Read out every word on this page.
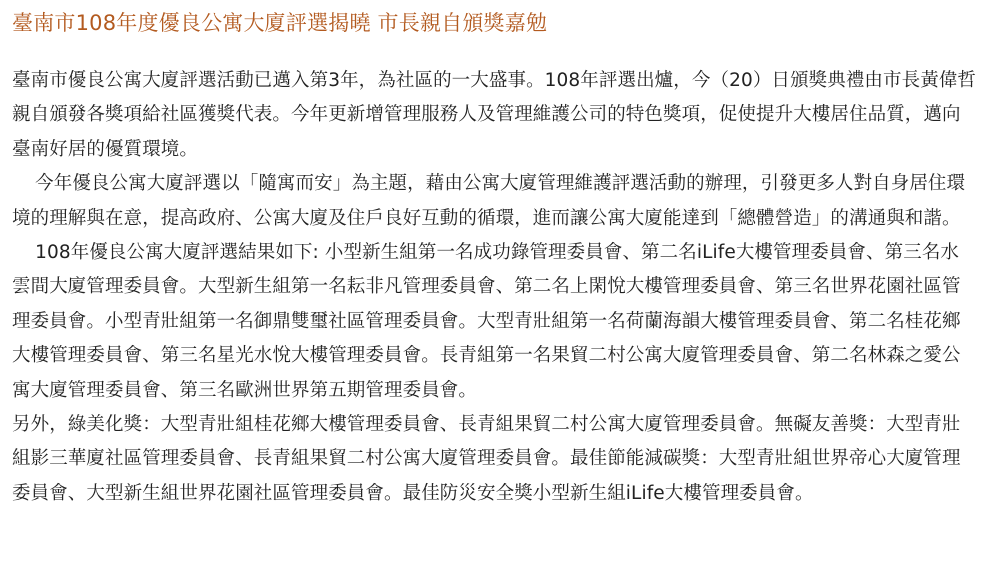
臺南市108年度優良公寓大廈評選揭曉 市長親自頒獎嘉勉

臺南市優良公寓大廈評選活動已邁入第3年，為社區的一大盛事。108年評選出爐，今（20）日頒獎典禮由市長黃偉哲親自頒發各獎項給社區獲獎代表。今年更新增管理服務人及管理維護公司的特色獎項，促使提升大樓居住品質，邁向臺南好居的優質環境。

今年優良公寓大廈評選以「隨寓而安」為主題，藉由公寓大廈管理維護評選活動的辦理，引發更多人對自身居住環境的理解與在意，提高政府、公寓大廈及住戶良好互動的循環，進而讓公寓大廈能達到「總體營造」的溝通與和諧。

108年優良公寓大廈評選結果如下: 小型新生組第一名成功錄管理委員會、第二名iLife大樓管理委員會、第三名水雲間大廈管理委員會。大型新生組第一名耘非凡管理委員會、第二名上閑悅大樓管理委員會、第三名世界花園社區管理委員會。小型青壯組第一名御鼎雙璽社區管理委員會。大型青壯組第一名荷蘭海韻大樓管理委員會、第二名桂花鄉大樓管理委員會、第三名星光水悅大樓管理委員會。長青組第一名果貿二村公寓大廈管理委員會、第二名林森之愛公寓大廈管理委員會、第三名歐洲世界第五期管理委員會。

另外，綠美化獎：大型青壯組桂花鄉大樓管理委員會、長青組果貿二村公寓大廈管理委員會。無礙友善獎：大型青壯組影三華廈社區管理委員會、長青組果貿二村公寓大廈管理委員會。最佳節能減碳獎：大型青壯組世界帝心大廈管理委員會、大型新生組世界花園社區管理委員會。最佳防災安全獎小型新生組iLife大樓管理委員會。
